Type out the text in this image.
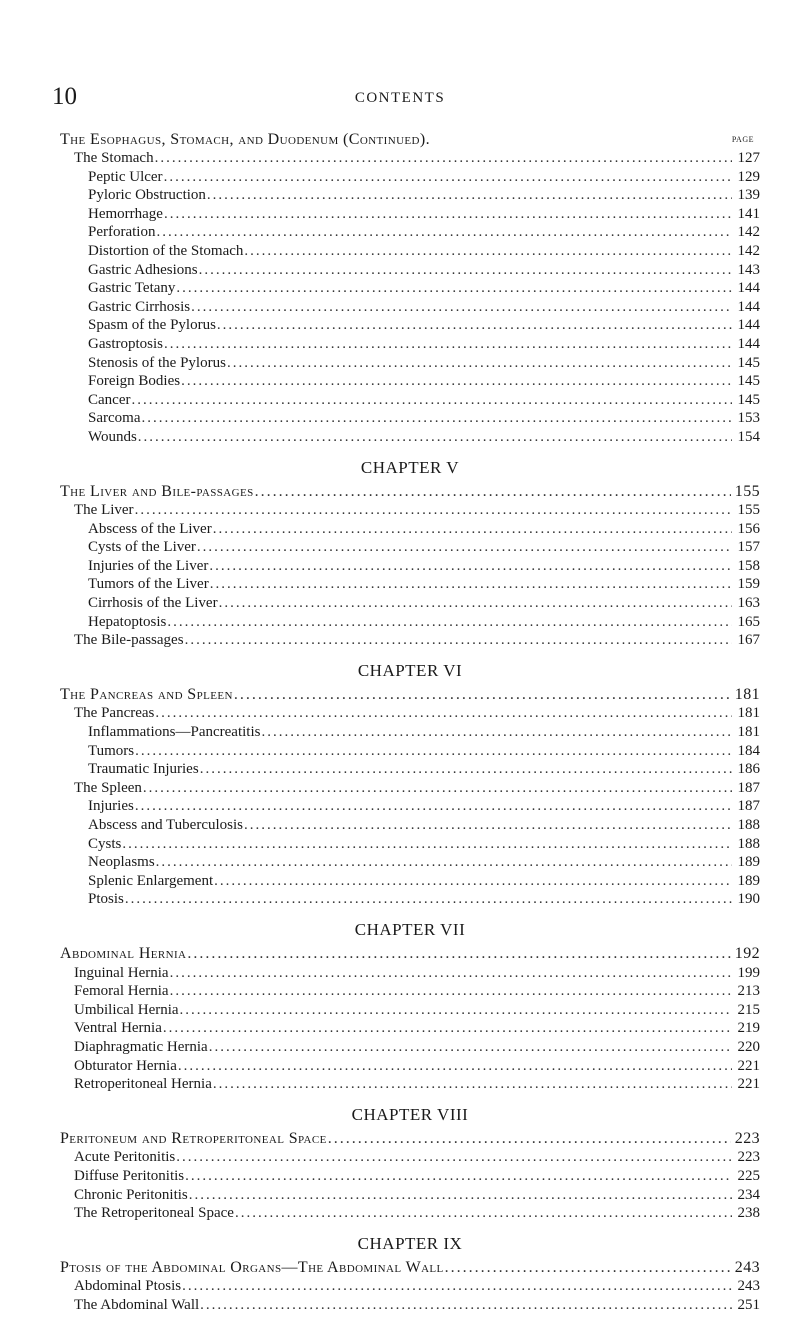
10	CONTENTS
The Esophagus, Stomach, and Duodenum (Continued).	PAGE
The Stomach .....	127
Peptic Ulcer .....	129
Pyloric Obstruction .....	139
Hemorrhage .....	141
Perforation .....	142
Distortion of the Stomach .....	142
Gastric Adhesions .....	143
Gastric Tetany .....	144
Gastric Cirrhosis .....	144
Spasm of the Pylorus .....	144
Gastroptosis .....	144
Stenosis of the Pylorus .....	145
Foreign Bodies .....	145
Cancer .....	145
Sarcoma .....	153
Wounds .....	154
CHAPTER V
The Liver and Bile-passages .....	155
The Liver .....	155
Abscess of the Liver .....	156
Cysts of the Liver .....	157
Injuries of the Liver .....	158
Tumors of the Liver .....	159
Cirrhosis of the Liver .....	163
Hepatoptosis .....	165
The Bile-passages .....	167
CHAPTER VI
The Pancreas and Spleen .....	181
The Pancreas .....	181
Inflammations—Pancreatitis .....	181
Tumors .....	184
Traumatic Injuries .....	186
The Spleen .....	187
Injuries .....	187
Abscess and Tuberculosis .....	188
Cysts .....	188
Neoplasms .....	189
Splenic Enlargement .....	189
Ptosis .....	190
CHAPTER VII
Abdominal Hernia .....	192
Inguinal Hernia .....	199
Femoral Hernia .....	213
Umbilical Hernia .....	215
Ventral Hernia .....	219
Diaphragmatic Hernia .....	220
Obturator Hernia .....	221
Retroperitoneal Hernia .....	221
CHAPTER VIII
Peritoneum and Retroperitoneal Space .....	223
Acute Peritonitis .....	223
Diffuse Peritonitis .....	225
Chronic Peritonitis .....	234
The Retroperitoneal Space .....	238
CHAPTER IX
Ptosis of the Abdominal Organs—The Abdominal Wall .....	243
Abdominal Ptosis .....	243
The Abdominal Wall .....	251
